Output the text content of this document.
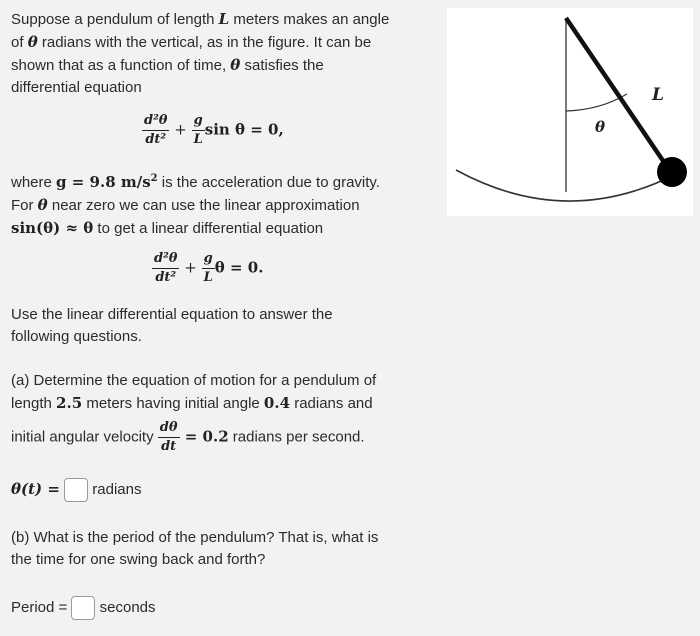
Suppose a pendulum of length L meters makes an angle
of θ radians with the vertical, as in the figure. It can be
shown that as a function of time, θ satisfies the
differential equation
$\frac{\text{d²θ}}{\text{dt²}} + \frac{g}{L}$ sin θ = 0,
where g = 9.8 $m/s^2$ is the acceleration due to gravity.
For θ near zero we can use the linear approximation
sin(θ) ≈ θ to get a linear differential equation
$\frac{\text{d²θ}}{\text{dt²}} + \frac{g}{L}$ θ = 0.
Use the linear differential equation to answer the
following questions.
(a) Determine the equation of motion for a pendulum of
length 2.5 meters having initial angle 0.4 radians and
initial angular velocity $\frac{d\theta}{dt} = 0.2$ radians per second.
θ(t) = radians
(b) What is the period of the pendulum? That is, what is
the time for one swing back and forth?
Period = seconds
L
θ
